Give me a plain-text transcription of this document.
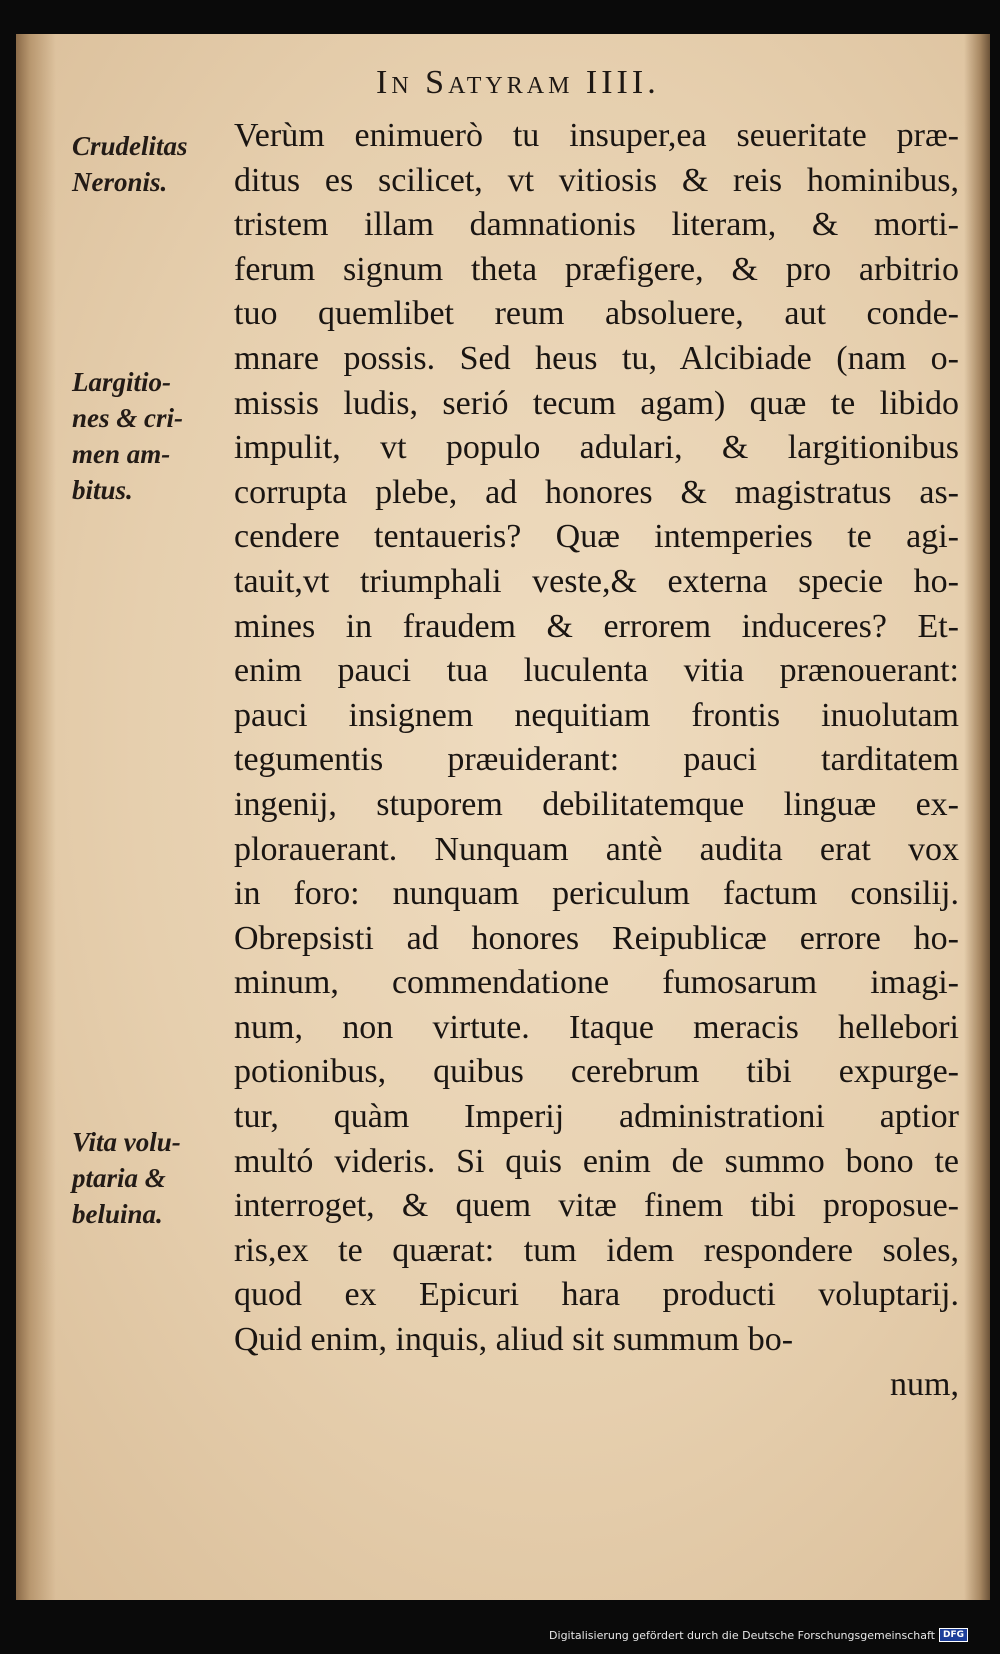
In Satyram IIII.
Crudelitas
Neronis.
Largitio-
nes & cri-
men am-
bitus.
Vita volu-
ptaria &
beluina.
Verùm enimuerò tu insuper,ea seueritate præ-
ditus es scilicet, vt vitiosis & reis hominibus,
tristem illam damnationis literam, & morti-
ferum signum theta præfigere, & pro arbitrio
tuo quemlibet reum absoluere, aut conde-
mnare possis. Sed heus tu, Alcibiade (nam o-
missis ludis, serió tecum agam) quæ te libido
impulit, vt populo adulari, & largitionibus
corrupta plebe, ad honores & magistratus as-
cendere tentaueris? Quæ intemperies te agi-
tauit,vt triumphali veste,& externa specie ho-
mines in fraudem & errorem induceres? Et-
enim pauci tua luculenta vitia prænouerant:
pauci insignem nequitiam frontis inuolutam
tegumentis præuiderant: pauci tarditatem
ingenij, stuporem debilitatemque linguæ ex-
plorauerant. Nunquam antè audita erat vox
in foro: nunquam periculum factum consilij.
Obrepsisti ad honores Reipublicæ errore ho-
minum, commendatione fumosarum imagi-
num, non virtute. Itaque meracis hellebori
potionibus, quibus cerebrum tibi expurge-
tur, quàm Imperij administrationi aptior
multó videris. Si quis enim de summo bono te
interroget, & quem vitæ finem tibi proposue-
ris,ex te quærat: tum idem respondere soles,
quod ex Epicuri hara producti voluptarij.
Quid enim, inquis, aliud sit summum bo-
num,
Digitalisierung gefördert durch die Deutsche Forschungsgemeinschaft DFG
